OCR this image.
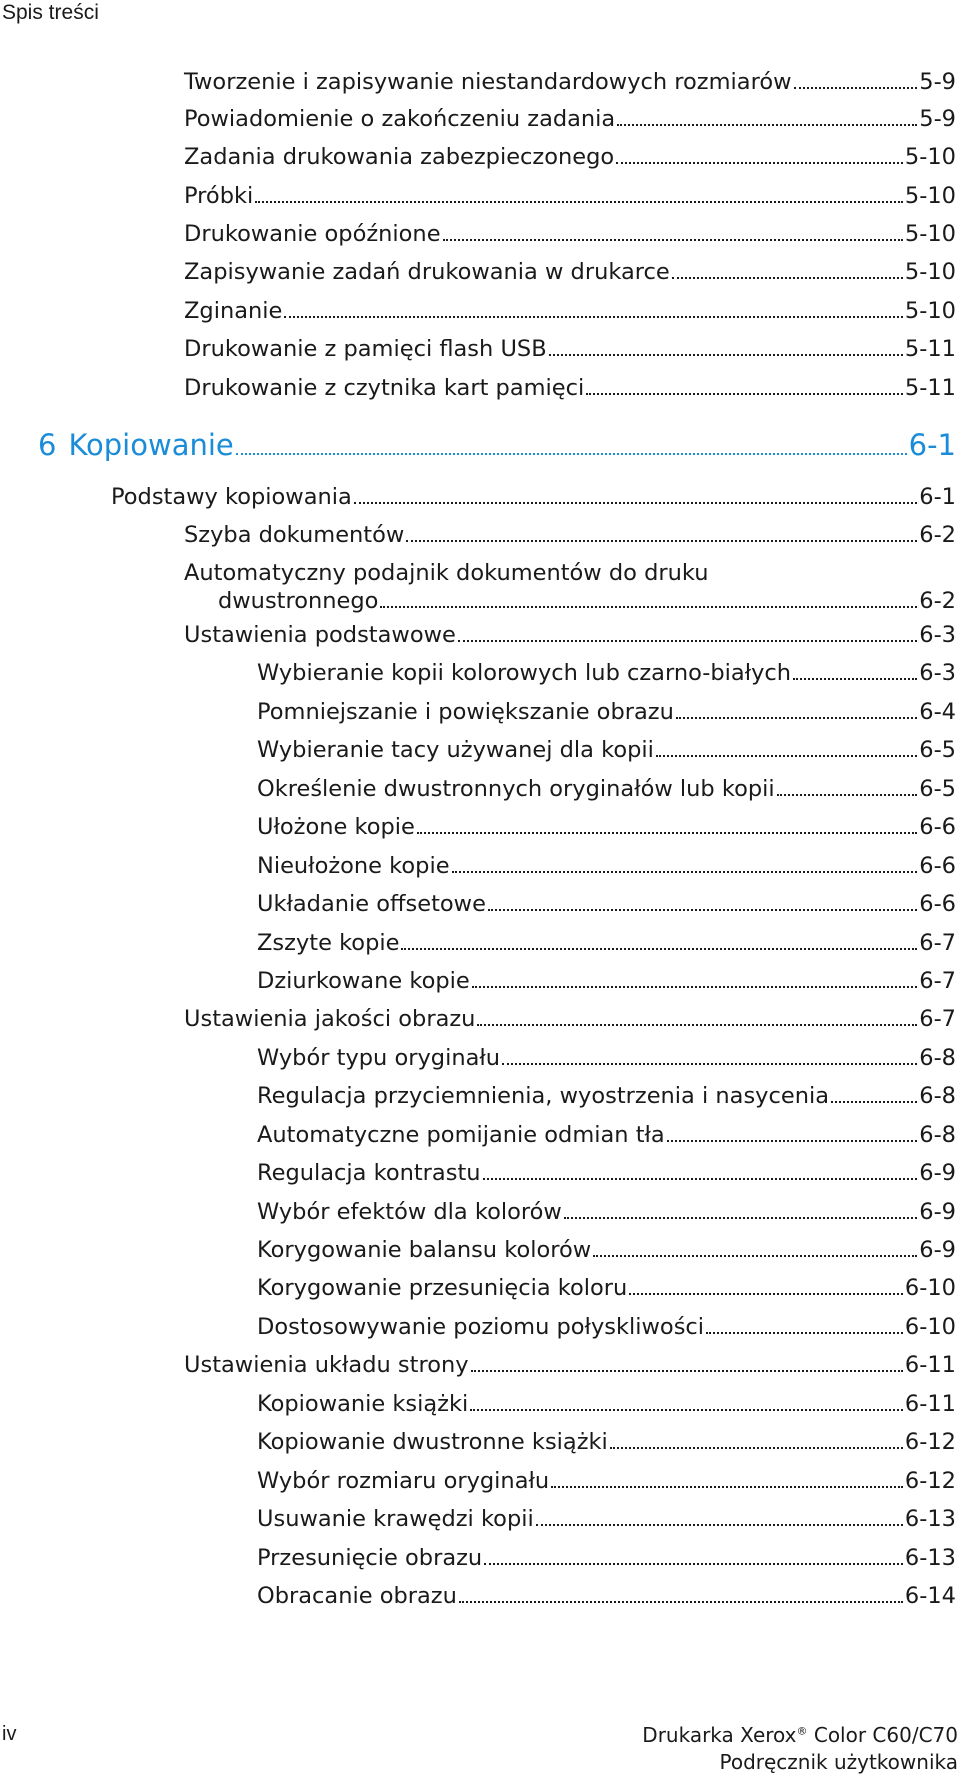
Spis treści
Tworzenie i zapisywanie niestandardowych rozmiarów	5-9
Powiadomienie o zakończeniu zadania	5-9
Zadania drukowania zabezpieczonego	5-10
Próbki	5-10
Drukowanie opóźnione	5-10
Zapisywanie zadań drukowania w drukarce	5-10
Zginanie	5-10
Drukowanie z pamięci flash USB	5-11
Drukowanie z czytnika kart pamięci	5-11
6 Kopiowanie	6-1
Podstawy kopiowania	6-1
Szyba dokumentów	6-2
Automatyczny podajnik dokumentów do druku
dwustronnego	6-2
Ustawienia podstawowe	6-3
Wybieranie kopii kolorowych lub czarno-białych	6-3
Pomniejszanie i powiększanie obrazu	6-4
Wybieranie tacy używanej dla kopii	6-5
Określenie dwustronnych oryginałów lub kopii	6-5
Ułożone kopie	6-6
Nieułożone kopie	6-6
Układanie offsetowe	6-6
Zszyte kopie	6-7
Dziurkowane kopie	6-7
Ustawienia jakości obrazu	6-7
Wybór typu oryginału	6-8
Regulacja przyciemnienia, wyostrzenia i nasycenia	6-8
Automatyczne pomijanie odmian tła	6-8
Regulacja kontrastu	6-9
Wybór efektów dla kolorów	6-9
Korygowanie balansu kolorów	6-9
Korygowanie przesunięcia koloru	6-10
Dostosowywanie poziomu połyskliwości	6-10
Ustawienia układu strony	6-11
Kopiowanie książki	6-11
Kopiowanie dwustronne książki	6-12
Wybór rozmiaru oryginału	6-12
Usuwanie krawędzi kopii	6-13
Przesunięcie obrazu	6-13
Obracanie obrazu	6-14
iv	Drukarka Xerox® Color C60/C70
Podręcznik użytkownika
